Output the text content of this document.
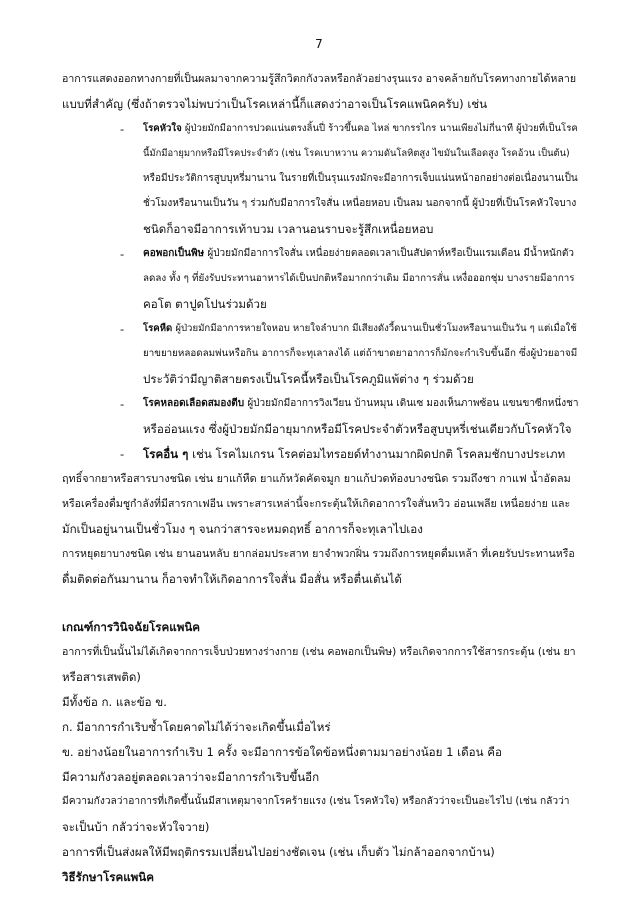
7
อาการแสดงออกทางกายที่เป็นผลมาจากความรู้สึกวิตกกังวลหรือกลัวอย่างรุนแรง อาจคล้ายกับโรคทางกายได้หลาย
แบบที่สำคัญ (ซึ่งถ้าตรวจไม่พบว่าเป็นโรคเหล่านี้ก็แสดงว่าอาจเป็นโรคแพนิคครับ) เช่น
- โรคหัวใจ ผู้ป่วยมักมีอาการปวดแน่นตรงลิ้นปี่ ร้าวขึ้นคอ ไหล่ ขากรรไกร นานเพียงไม่กี่นาที ผู้ป่วยที่เป็นโรค
นี้มักมีอายุมากหรือมีโรคประจำตัว (เช่น โรคเบาหวาน ความดันโลหิตสูง ไขมันในเลือดสูง โรคอ้วน เป็นต้น)
หรือมีประวัติการสูบบุหรี่มานาน ในรายที่เป็นรุนแรงมักจะมีอาการเจ็บแน่นหน้าอกอย่างต่อเนื่องนานเป็น
ชั่วโมงหรือนานเป็นวัน ๆ ร่วมกับมีอาการใจสั่น เหนื่อยหอบ เป็นลม นอกจากนี้ ผู้ป่วยที่เป็นโรคหัวใจบาง
ชนิดก็อาจมีอาการเท้าบวม เวลานอนราบจะรู้สึกเหนื่อยหอบ
- คอพอกเป็นพิษ ผู้ป่วยมักมีอาการใจสั่น เหนื่อยง่ายตลอดเวลาเป็นสัปดาห์หรือเป็นแรมเดือน มีน้ำหนักตัว
ลดลง ทั้ง ๆ ที่ยังรับประทานอาหารได้เป็นปกติหรือมากกว่าเดิม มีอาการสั่น เหงื่อออกชุ่ม บางรายมีอาการ
คอโต ตาปูดโปนร่วมด้วย
- โรคหืด ผู้ป่วยมักมีอาการหายใจหอบ หายใจลำบาก มีเสียงดังวี้ดนานเป็นชั่วโมงหรือนานเป็นวัน ๆ แต่เมื่อใช้
ยาขยายหลอดลมพ่นหรือกิน อาการก็จะทุเลาลงได้ แต่ถ้าขาดยาอาการก็มักจะกำเริบขึ้นอีก ซึ่งผู้ป่วยอาจมี
ประวัติว่ามีญาติสายตรงเป็นโรคนี้หรือเป็นโรคภูมิแพ้ต่าง ๆ ร่วมด้วย
- โรคหลอดเลือดสมองตีบ ผู้ป่วยมักมีอาการวิงเวียน บ้านหมุน เดินเซ มองเห็นภาพซ้อน แขนขาซีกหนึ่งชา
หรืออ่อนแรง ซึ่งผู้ป่วยมักมีอายุมากหรือมีโรคประจำตัวหรือสูบบุหรี่เช่นเดียวกับโรคหัวใจ
- โรคอื่น ๆ เช่น โรคไมเกรน โรคต่อมไทรอยด์ทำงานมากผิดปกติ โรคลมชักบางประเภท
ฤทธิ์จากยาหรือสารบางชนิด เช่น ยาแก้หืด ยาแก้หวัดคัดจมูก ยาแก้ปวดท้องบางชนิด รวมถึงชา กาแฟ น้ำอัดลม
หรือเครื่องดื่มชูกำลังที่มีสารกาเฟอีน เพราะสารเหล่านี้จะกระตุ้นให้เกิดอาการใจสั่นหวิว อ่อนเพลีย เหนื่อยง่าย และ
มักเป็นอยู่นานเป็นชั่วโมง ๆ จนกว่าสารจะหมดฤทธิ์ อาการก็จะทุเลาไปเอง
การหยุดยาบางชนิด เช่น ยานอนหลับ ยากล่อมประสาท ยาจำพวกฝิ่น รวมถึงการหยุดดื่มเหล้า ที่เคยรับประทานหรือ
ดื่มติดต่อกันมานาน ก็อาจทำให้เกิดอาการใจสั่น มือสั่น หรือตื่นเต้นได้
เกณฑ์การวินิจฉัยโรคแพนิค
อาการที่เป็นนั้นไม่ได้เกิดจากการเจ็บป่วยทางร่างกาย (เช่น คอพอกเป็นพิษ) หรือเกิดจากการใช้สารกระตุ้น (เช่น ยา
หรือสารเสพติด)
มีทั้งข้อ ก. และข้อ ข.
ก. มีอาการกำเริบซ้ำโดยคาดไม่ได้ว่าจะเกิดขึ้นเมื่อไหร่
ข. อย่างน้อยในอาการกำเริบ 1 ครั้ง จะมีอาการข้อใดข้อหนึ่งตามมาอย่างน้อย 1 เดือน คือ
มีความกังวลอยู่ตลอดเวลาว่าจะมีอาการกำเริบขึ้นอีก
มีความกังวลว่าอาการที่เกิดขึ้นนั้นมีสาเหตุมาจากโรคร้ายแรง (เช่น โรคหัวใจ) หรือกลัวว่าจะเป็นอะไรไป (เช่น กลัวว่า
จะเป็นบ้า กลัวว่าจะหัวใจวาย)
อาการที่เป็นส่งผลให้มีพฤติกรรมเปลี่ยนไปอย่างชัดเจน (เช่น เก็บตัว ไม่กล้าออกจากบ้าน)
วิธีรักษาโรคแพนิค
